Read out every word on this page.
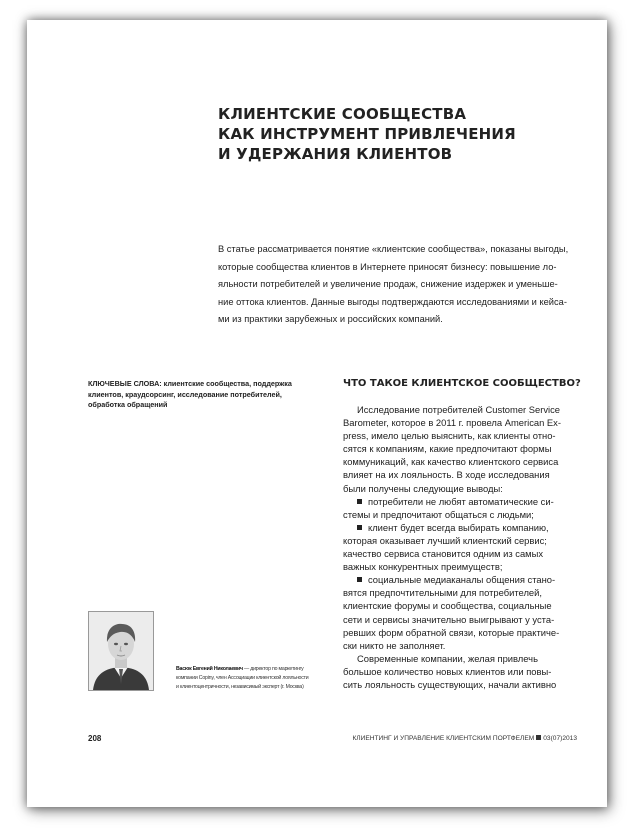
КЛИЕНТСКИЕ СООБЩЕСТВА
КАК ИНСТРУМЕНТ ПРИВЛЕЧЕНИЯ
И УДЕРЖАНИЯ КЛИЕНТОВ
В статье рассматривается понятие «клиентские сообщества», показаны выгоды,
которые сообщества клиентов в Интернете приносят бизнесу: повышение ло-
яльности потребителей и увеличение продаж, снижение издержек и уменьше-
ние оттока клиентов. Данные выгоды подтверждаются исследованиями и кейса-
ми из практики зарубежных и российских компаний.
КЛЮЧЕВЫЕ СЛОВА: клиентские сообщества, поддержка
клиентов, краудсорсинг, исследование потребителей,
обработка обращений
ЧТО ТАКОЕ КЛИЕНТСКОЕ СООБЩЕСТВО?
Исследование потребителей Customer Service
Barometer, которое в 2011 г. провела American Ex-
press, имело целью выяснить, как клиенты отно-
сятся к компаниям, какие предпочитают формы
коммуникаций, как качество клиентского сервиса
влияет на их лояльность. В ходе исследования
были получены следующие выводы:
потребители не любят автоматические си-
стемы и предпочитают общаться с людьми;
клиент будет всегда выбирать компанию,
которая оказывает лучший клиентский сервис;
качество сервиса становится одним из самых
важных конкурентных преимуществ;
социальные медиаканалы общения стано-
вятся предпочтительными для потребителей,
клиентские форумы и сообщества, социальные
сети и сервисы значительно выигрывают у уста-
ревших форм обратной связи, которые практиче-
ски никто не заполняет.
Современные компании, желая привлечь
большое количество новых клиентов или повы-
сить лояльность существующих, начали активно
Васюк Евгений Николаевич — директор по маркетингу
компании Copiny, член Ассоциации клиентской лояльности
и клиентоцентричности, независимый эксперт (г. Москва)
208	КЛИЕНТИНГ И УПРАВЛЕНИЕ КЛИЕНТСКИМ ПОРТФЕЛЕМ 03(07)2013
